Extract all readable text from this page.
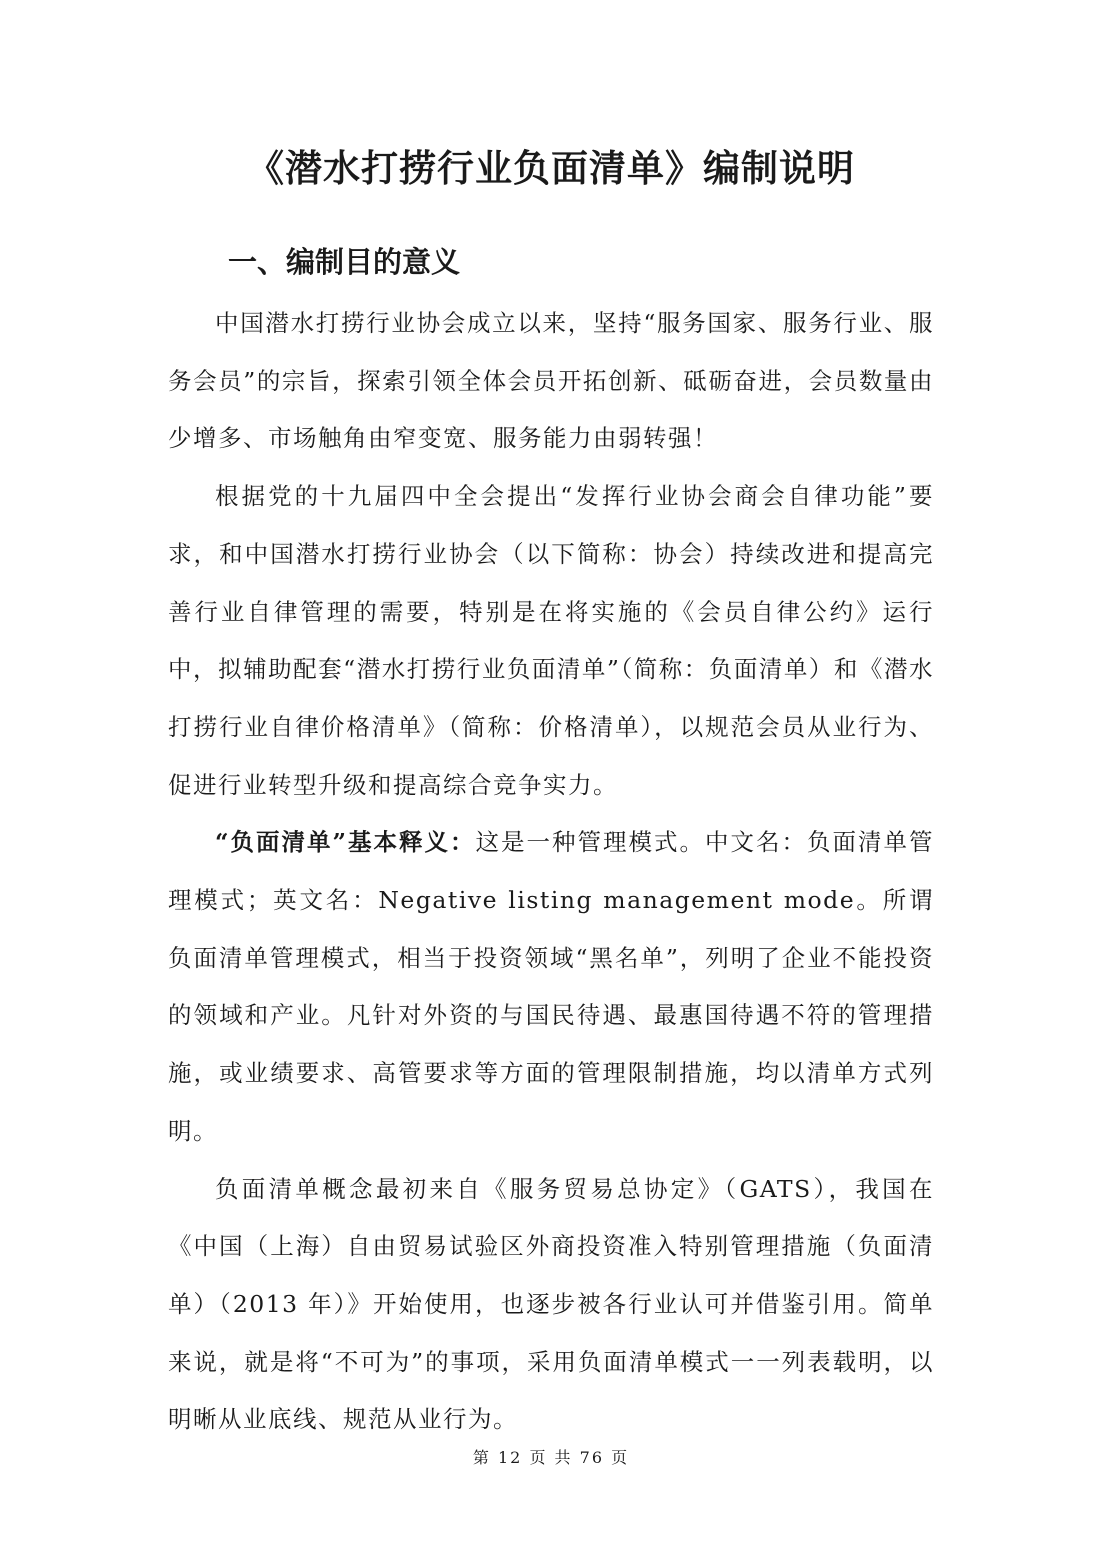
《潜水打捞行业负面清单》编制说明
一、编制目的意义

中国潜水打捞行业协会成立以来，坚持“服务国家、服务行业、服务会员”的宗旨，探索引领全体会员开拓创新、砥砺奋进，会员数量由少增多、市场触角由窄变宽、服务能力由弱转强！

根据党的十九届四中全会提出“发挥行业协会商会自律功能”要求，和中国潜水打捞行业协会（以下简称：协会）持续改进和提高完善行业自律管理的需要，特别是在将实施的《会员自律公约》运行中，拟辅助配套“潜水打捞行业负面清单”（简称：负面清单）和《潜水打捞行业自律价格清单》（简称：价格清单），以规范会员从业行为、促进行业转型升级和提高综合竞争实力。

“负面清单”基本释义：这是一种管理模式。中文名：负面清单管理模式；英文名：Negative listing management mode。所谓负面清单管理模式，相当于投资领域“黑名单”，列明了企业不能投资的领域和产业。凡针对外资的与国民待遇、最惠国待遇不符的管理措施，或业绩要求、高管要求等方面的管理限制措施，均以清单方式列明。

负面清单概念最初来自《服务贸易总协定》（GATS），我国在《中国（上海）自由贸易试验区外商投资准入特别管理措施（负面清单）（2013 年）》开始使用，也逐步被各行业认可并借鉴引用。简单来说，就是将“不可为”的事项，采用负面清单模式一一列表载明，以明晰从业底线、规范从业行为。

第 12 页 共 76 页
